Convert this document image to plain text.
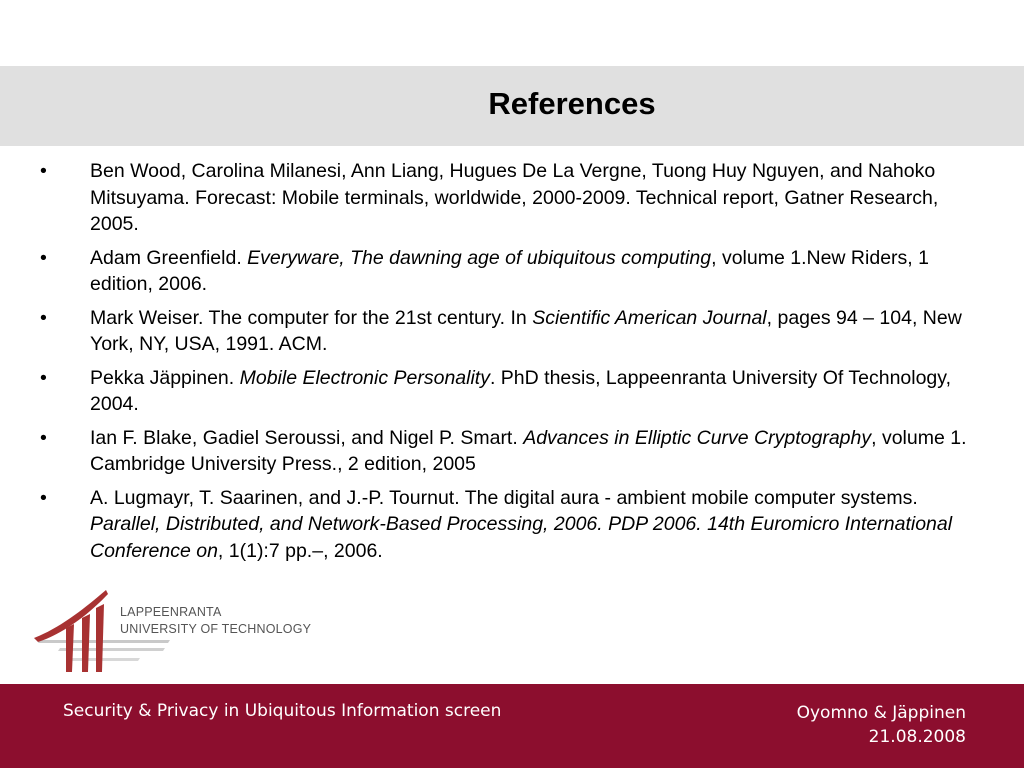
References
• Ben Wood, Carolina Milanesi, Ann Liang, Hugues De La Vergne, Tuong Huy Nguyen, and Nahoko Mitsuyama. Forecast: Mobile terminals, worldwide, 2000-2009. Technical report, Gatner Research, 2005.
• Adam Greenfield. Everyware, The dawning age of ubiquitous computing, volume 1.New Riders, 1 edition, 2006.
• Mark Weiser. The computer for the 21st century. In Scientific American Journal, pages 94 – 104, New York, NY, USA, 1991. ACM.
• Pekka Jäppinen. Mobile Electronic Personality. PhD thesis, Lappeenranta University Of Technology, 2004.
• Ian F. Blake, Gadiel Seroussi, and Nigel P. Smart. Advances in Elliptic Curve Cryptography, volume 1. Cambridge University Press., 2 edition, 2005
• A. Lugmayr, T. Saarinen, and J.-P. Tournut. The digital aura - ambient mobile computer systems. Parallel, Distributed, and Network-Based Processing, 2006. PDP 2006. 14th Euromicro International Conference on, 1(1):7 pp.–, 2006.
LAPPEENRANTA
UNIVERSITY OF TECHNOLOGY
Security & Privacy in Ubiquitous Information screen	Oyomno & Jäppinen
21.08.2008
